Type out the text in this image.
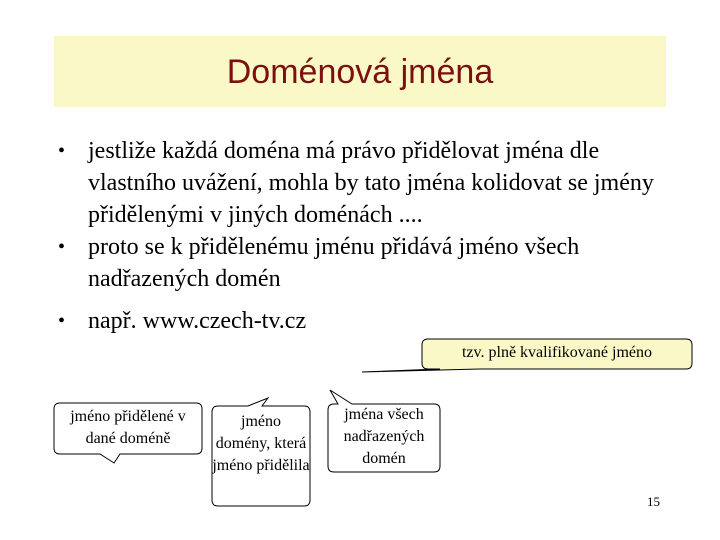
Doménová jména
• jestliže každá doména má právo přidělovat jména dle vlastního uvážení, mohla by tato jména kolidovat se jmény přidělenými v jiných doménách ....
• proto se k přidělenému jménu přidává jméno všech nadřazených domén
• např. www.czech-tv.cz
tzv. plně kvalifikované jméno
jméno přidělené v dané doméně
jméno domény, která jméno přidělila
jména všech nadřazených domén
15
